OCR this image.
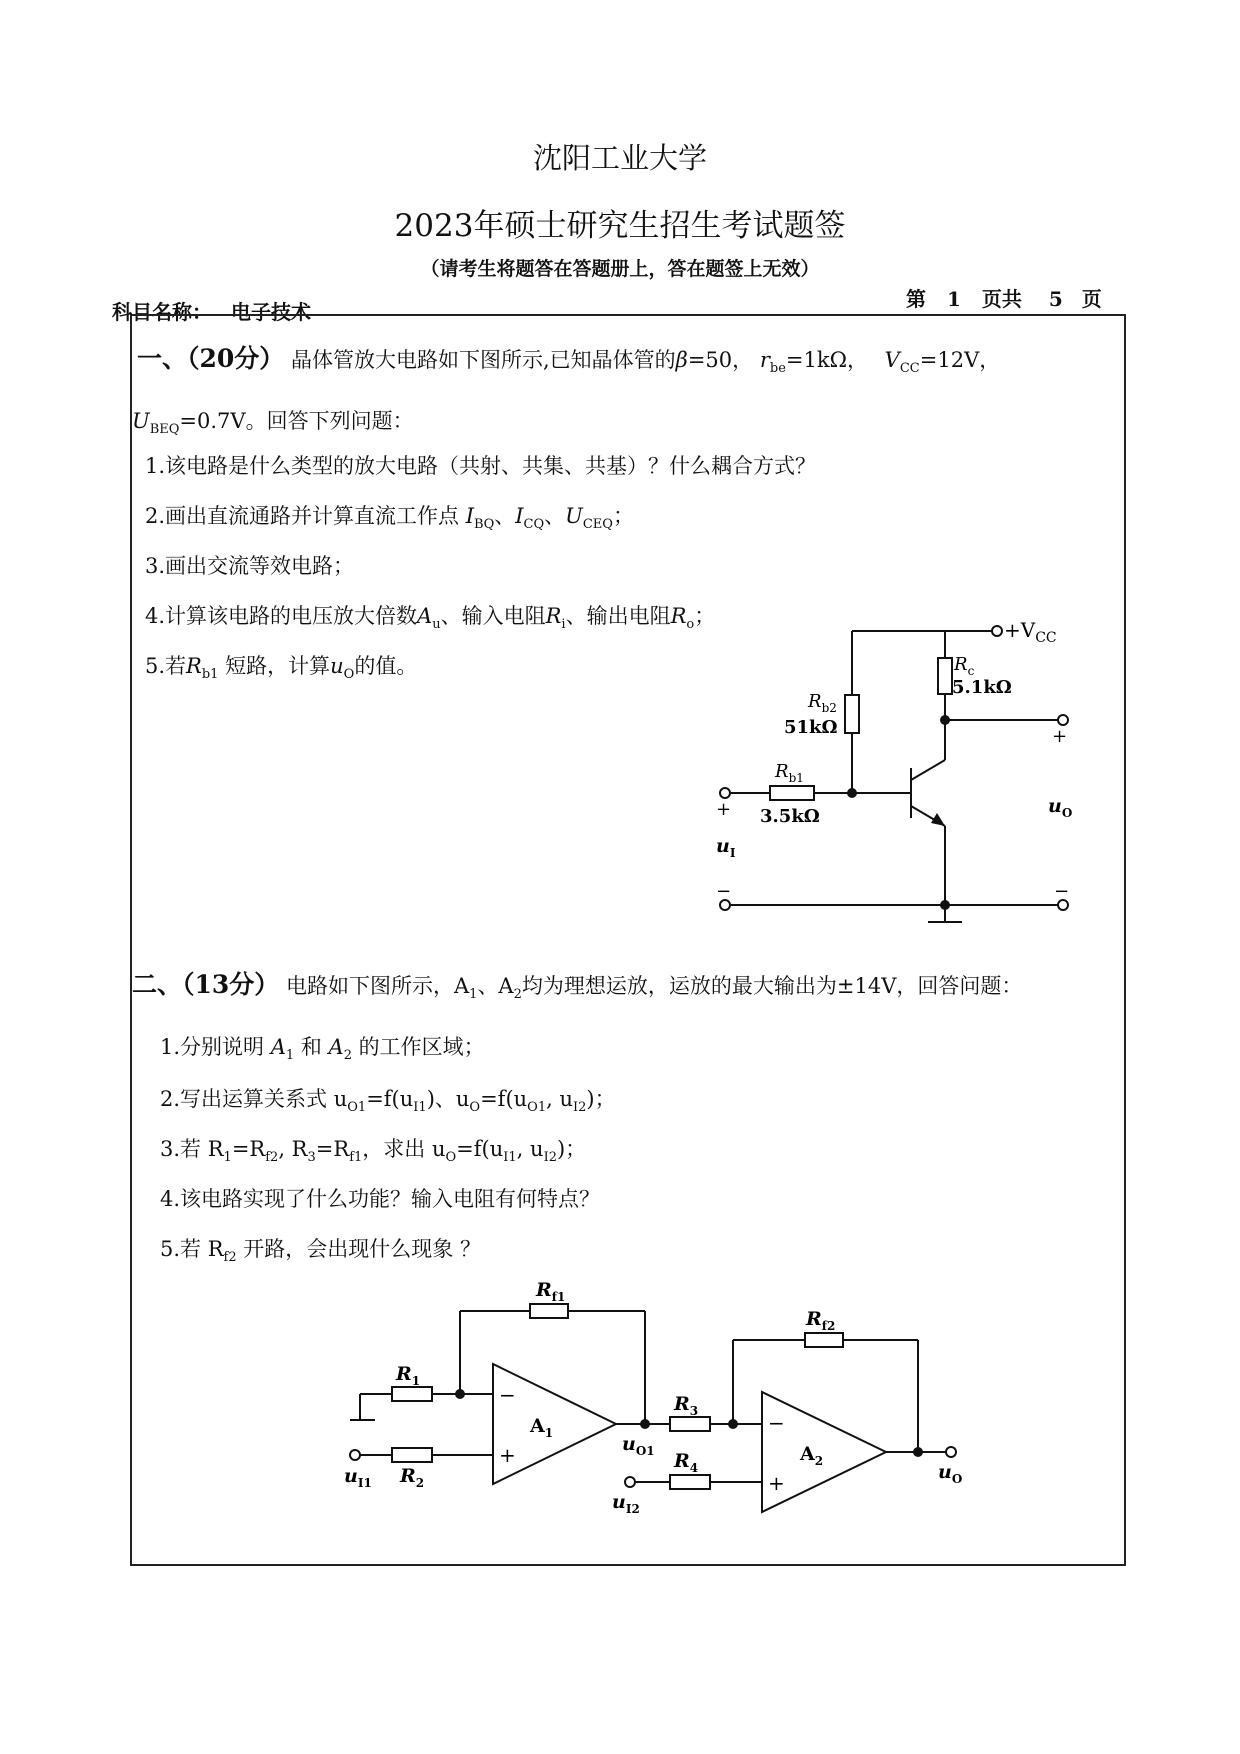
沈阳工业大学
2023年硕士研究生招生考试题签
（请考生将题答在答题册上，答在题签上无效）
科目名称： 电子技术
第 1 页共 5 页
一、（20分） 晶体管放大电路如下图所示,已知晶体管的β=50， $r_{be}=1k\Omega$， $V_{CC}=12V$，
$U_{BEQ}=0.7V$。回答下列问题：
1.该电路是什么类型的放大电路（共射、共集、共基）？什么耦合方式？
2.画出直流通路并计算直流工作点 $I_{BQ}$、$I_{CQ}$、$U_{CEQ}$；
3.画出交流等效电路；
4.计算该电路的电压放大倍数$A_u$、输入电阻$R_i$、输出电阻$R_o$；
5.若$R_{b1}$ 短路，计算$u_O$的值。
$+V_{CC}$
$R_c$
5.1kΩ
$R_{b2}$
51kΩ
$R_{b1}$
3.5kΩ
+
+
−	−
$u_I$
$u_O$
二、（13分） 电路如下图所示，$A_1$、$A_2$均为理想运放，运放的最大输出为±14V，回答问题：
1.分别说明 $A_1$ 和 $A_2$ 的工作区域；
2.写出运算关系式 $u_{O1}=f(u_{I1})$、$u_O=f(u_{O1}$, $u_{I2}$)；
3.若 $R_1=R_{f2}$, $R_3=R_{f1}$，求出 $u_O=f(u_{I1}$, $u_{I2}$)；
4.该电路实现了什么功能？输入电阻有何特点？
5.若 $R_{f2}$ 开路，会出现什么现象 ？
$R_1$
$R_2$
$R_3$
$R_4$
$R_{f1}$
$R_{f2}$
$A_1$
$A_2$
−
+
−
+
$u_{I1}$
$u_{I2}$
$u_{O1}$
$u_O$
